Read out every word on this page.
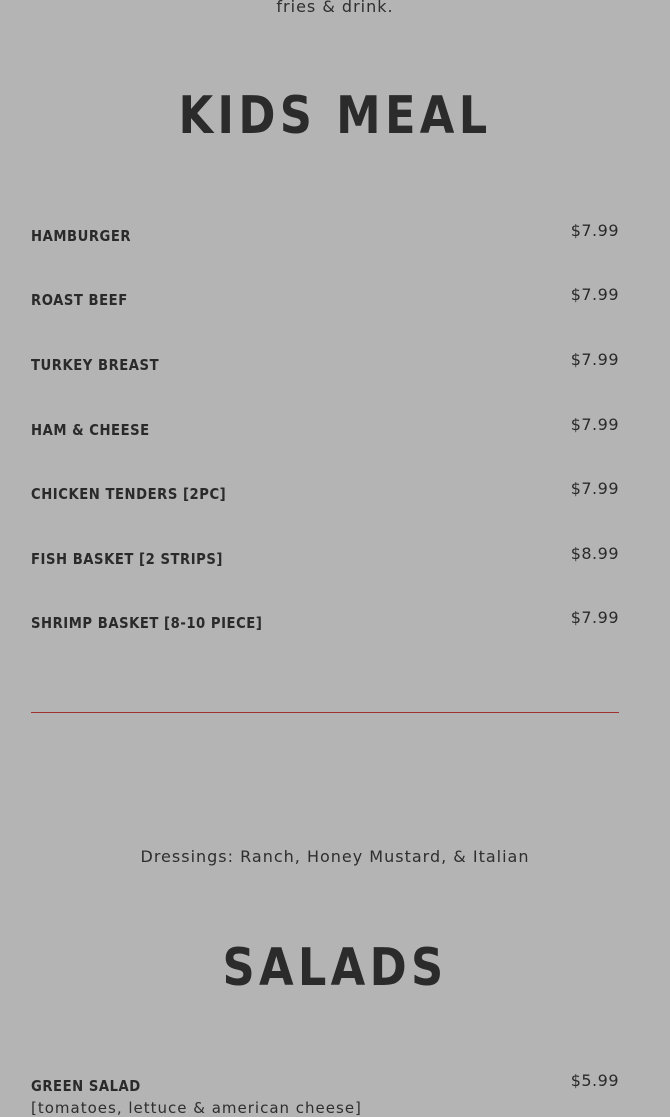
fries & drink.
KIDS MEAL
HAMBURGER	$7.99
ROAST BEEF	$7.99
TURKEY BREAST	$7.99
HAM & CHEESE	$7.99
CHICKEN TENDERS [2PC]	$7.99
FISH BASKET [2 STRIPS]	$8.99
SHRIMP BASKET [8-10 PIECE]	$7.99
Dressings: Ranch, Honey Mustard, & Italian
SALADS
GREEN SALAD	$5.99
[tomatoes, lettuce & american cheese]
